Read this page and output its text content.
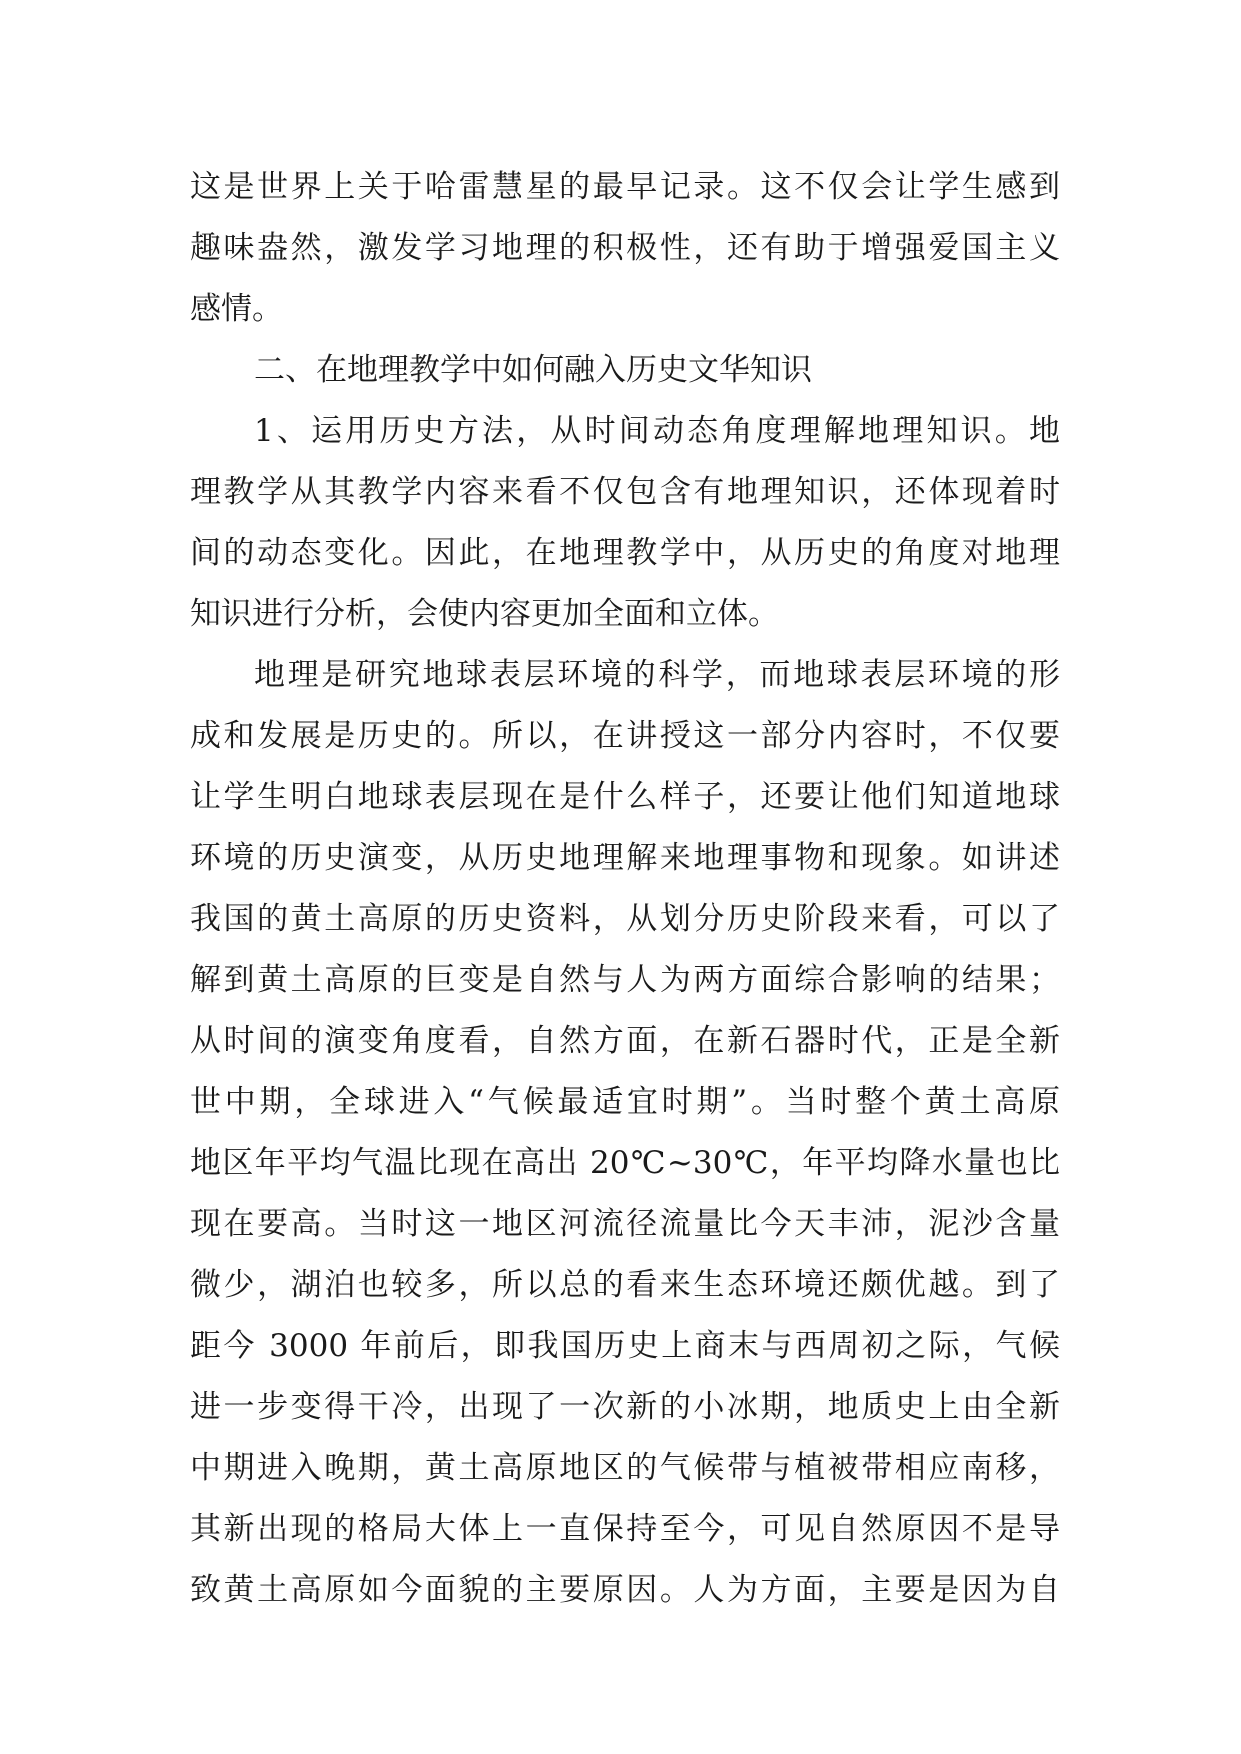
这是世界上关于哈雷慧星的最早记录。这不仅会让学生感到
趣味盎然，激发学习地理的积极性，还有助于增强爱国主义
感情。
二、在地理教学中如何融入历史文华知识
1、运用历史方法，从时间动态角度理解地理知识。地
理教学从其教学内容来看不仅包含有地理知识，还体现着时
间的动态变化。因此，在地理教学中，从历史的角度对地理
知识进行分析，会使内容更加全面和立体。
地理是研究地球表层环境的科学，而地球表层环境的形
成和发展是历史的。所以，在讲授这一部分内容时，不仅要
让学生明白地球表层现在是什么样子，还要让他们知道地球
环境的历史演变，从历史地理解来地理事物和现象。如讲述
我国的黄土高原的历史资料，从划分历史阶段来看，可以了
解到黄土高原的巨变是自然与人为两方面综合影响的结果；
从时间的演变角度看，自然方面，在新石器时代，正是全新
世中期，全球进入“气候最适宜时期”。当时整个黄土高原
地区年平均气温比现在高出 20℃~30℃，年平均降水量也比
现在要高。当时这一地区河流径流量比今天丰沛，泥沙含量
微少，湖泊也较多，所以总的看来生态环境还颇优越。到了
距今 3000 年前后，即我国历史上商末与西周初之际，气候
进一步变得干冷，出现了一次新的小冰期，地质史上由全新
中期进入晚期，黄土高原地区的气候带与植被带相应南移，
其新出现的格局大体上一直保持至今，可见自然原因不是导
致黄土高原如今面貌的主要原因。人为方面，主要是因为自
